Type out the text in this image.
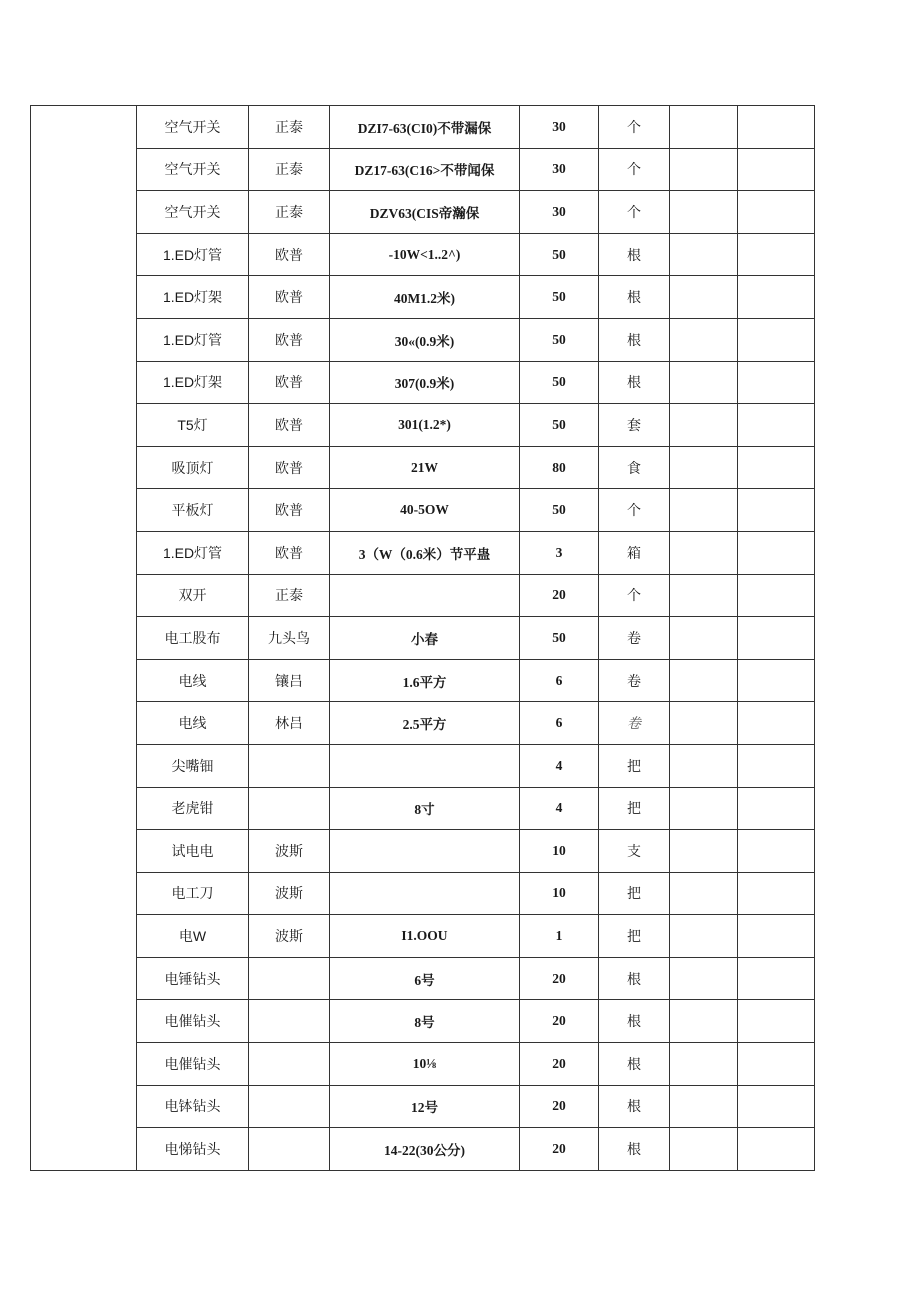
	空气开关	正泰	DZI7-63(CI0)不带漏保	30	个		
	空气开关	正泰	DZ17-63(C16>不带闻保	30	个		
	空气开关	正泰	DZV63(CIS帝瀚保	30	个		
	1.ED灯管	欧普	-10W<1..2^)	50	根		
	1.ED灯架	欧普	40M1.2米)	50	根		
	1.ED灯管	欧普	30«(0.9米)	50	根		
	1.ED灯架	欧普	307(0.9米)	50	根		
	T5灯	欧普	301(1.2*)	50	套		
	吸顶灯	欧普	21W	80	食		
	平板灯	欧普	40-5OW	50	个		
	1.ED灯管	欧普	3（W（0.6米）节平蛊	3	箱		
	双开	正泰		20	个		
	电工股布	九头鸟	小春	50	卷		
	电线	镶吕	1.6平方	6	卷		
	电线	林吕	2.5平方	6	卷		
	尖嘴钿			4	把		
	老虎钳		8寸	4	把		
	试电电	波斯		10	支		
	电工刀	波斯		10	把		
	电W	波斯	I1.OOU	1	把		
	电锤钻头		6号	20	根		
	电催钻头		8号	20	根		
	电催钻头		10⅛	20	根		
	电钵钻头		12号	20	根		
	电悌钻头		14-22(30公分)	20	根		
